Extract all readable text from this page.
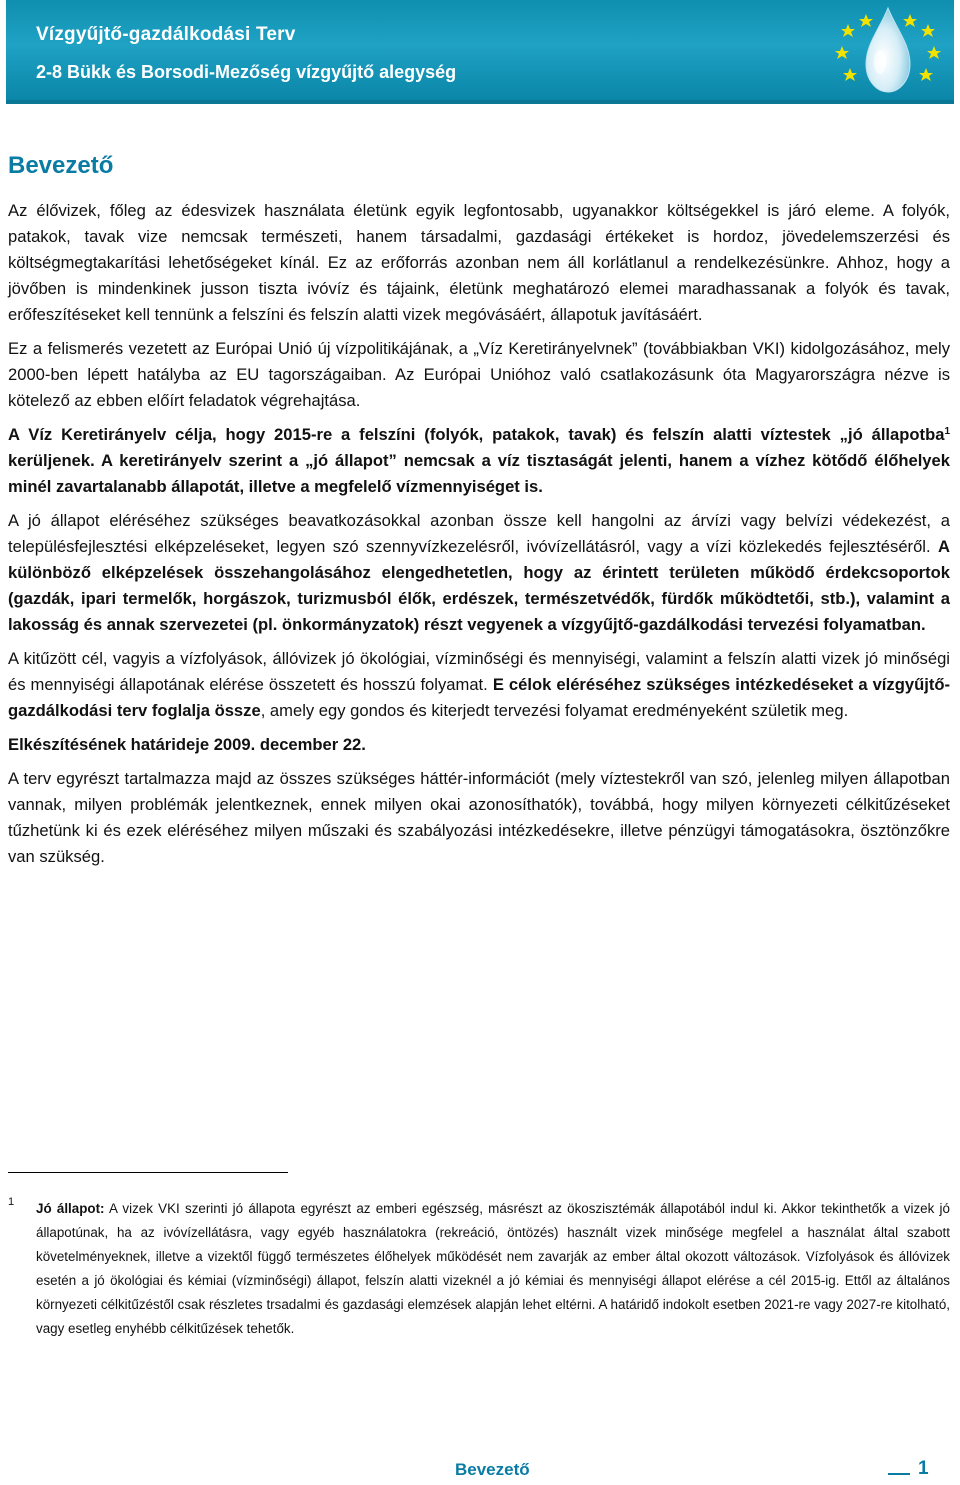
Vízgyűjtő-gazdálkodási Terv
2-8 Bükk és Borsodi-Mezőség vízgyűjtő alegység
Bevezető

Az élővizek, főleg az édesvizek használata életünk egyik legfontosabb, ugyanakkor költségekkel is járó eleme. A folyók, patakok, tavak vize nemcsak természeti, hanem társadalmi, gazdasági értékeket is hordoz, jövedelemszerzési és költségmegtakarítási lehetőségeket kínál. Ez az erőforrás azonban nem áll korlátlanul a rendelkezésünkre. Ahhoz, hogy a jövőben is mindenkinek jusson tiszta ivóvíz és tájaink, életünk meghatározó elemei maradhassanak a folyók és tavak, erőfeszítéseket kell tennünk a felszíni és felszín alatti vizek megóvásáért, állapotuk javításáért.

Ez a felismerés vezetett az Európai Unió új vízpolitikájának, a „Víz Keretirányelvnek” (továbbiakban VKI) kidolgozásához, mely 2000-ben lépett hatályba az EU tagországaiban. Az Európai Unióhoz való csatlakozásunk óta Magyarországra nézve is kötelező az ebben előírt feladatok végrehajtása.

A Víz Keretirányelv célja, hogy 2015-re a felszíni (folyók, patakok, tavak) és felszín alatti víztestek „jó állapotba$^1$ kerüljenek. A keretirányelv szerint a „jó állapot” nemcsak a víz tisztaságát jelenti, hanem a vízhez kötődő élőhelyek minél zavartalanabb állapotát, illetve a megfelelő vízmennyiséget is.

A jó állapot eléréséhez szükséges beavatkozásokkal azonban össze kell hangolni az árvízi vagy belvízi védekezést, a településfejlesztési elképzeléseket, legyen szó szennyvízkezelésről, ivóvízellátásról, vagy a vízi közlekedés fejlesztéséről. A különböző elképzelések összehangolásához elengedhetetlen, hogy az érintett területen működő érdekcsoportok (gazdák, ipari termelők, horgászok, turizmusból élők, erdészek, természetvédők, fürdők működtetői, stb.), valamint a lakosság és annak szervezetei (pl. önkormányzatok) részt vegyenek a vízgyűjtő-gazdálkodási tervezési folyamatban.

A kitűzött cél, vagyis a vízfolyások, állóvizek jó ökológiai, vízminőségi és mennyiségi, valamint a felszín alatti vizek jó minőségi és mennyiségi állapotának elérése összetett és hosszú folyamat. E célok eléréséhez szükséges intézkedéseket a vízgyűjtő-gazdálkodási terv foglalja össze, amely egy gondos és kiterjedt tervezési folyamat eredményeként születik meg.

Elkészítésének határideje 2009. december 22.

A terv egyrészt tartalmazza majd az összes szükséges háttér-információt (mely víztestekről van szó, jelenleg milyen állapotban vannak, milyen problémák jelentkeznek, ennek milyen okai azonosíthatók), továbbá, hogy milyen környezeti célkitűzéseket tűzhetünk ki és ezek eléréséhez milyen műszaki és szabályozási intézkedésekre, illetve pénzügyi támogatásokra, ösztönzőkre van szükség.

1 Jó állapot: A vizek VKI szerinti jó állapota egyrészt az emberi egészség, másrészt az ökoszisztémák állapotából indul ki. Akkor tekinthetők a vizek jó állapotúnak, ha az ivóvízellátásra, vagy egyéb használatokra (rekreáció, öntözés) használt vizek minősége megfelel a használat által szabott követelményeknek, illetve a vizektől függő természetes élőhelyek működését nem zavarják az ember által okozott változások. Vízfolyások és állóvizek esetén a jó ökológiai és kémiai (vízminőségi) állapot, felszín alatti vizeknél a jó kémiai és mennyiségi állapot elérése a cél 2015-ig. Ettől az általános környezeti célkitűzéstől csak részletes trsadalmi és gazdasági elemzések alapján lehet eltérni. A határidő indokolt esetben 2021-re vagy 2027-re kitolható, vagy esetleg enyhébb célkitűzések tehetők.
Bevezető	1
